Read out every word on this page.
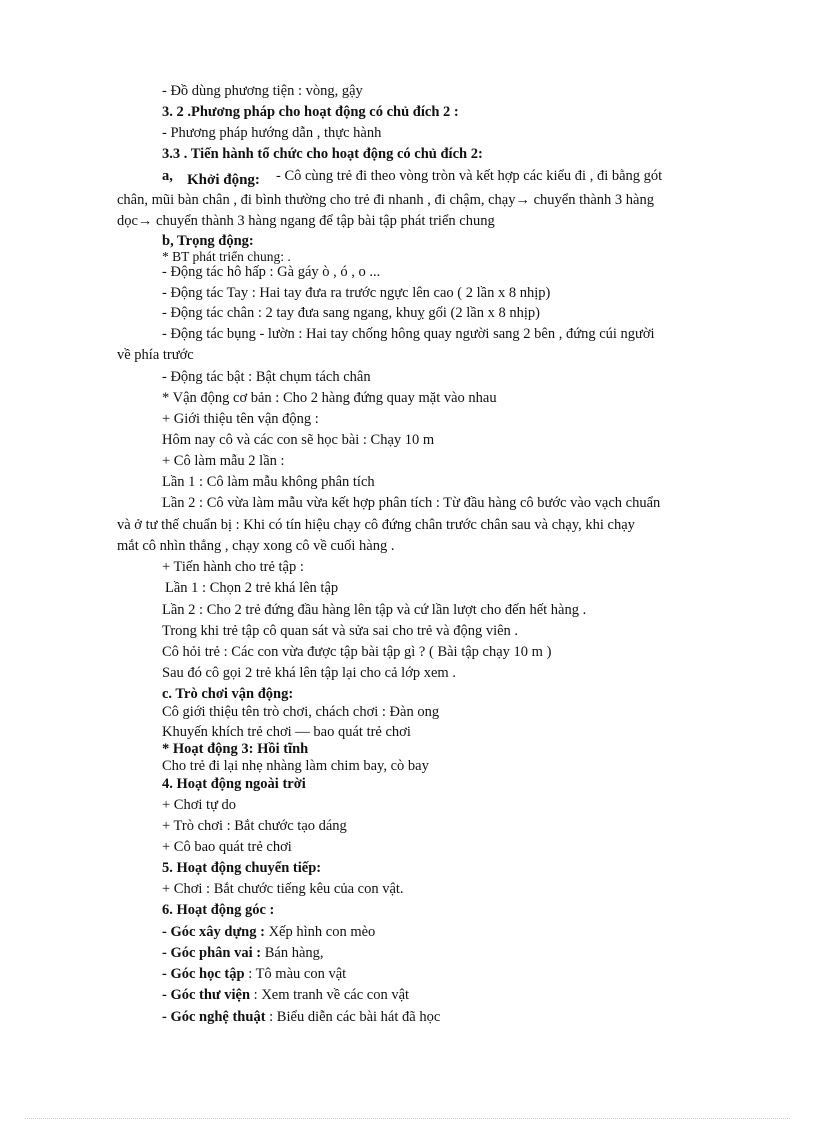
- Đồ dùng phương tiện : vòng, gậy
3. 2 .Phương pháp cho hoạt động có chủ đích 2 :
- Phương pháp hướng dẫn , thực hành
3.3 . Tiến hành tổ chức cho hoạt động có chủ đích 2:
a, Khởi động: - Cô cùng trẻ đi theo vòng tròn và kết hợp các kiểu đi , đi bằng gót
chân, mũi bàn chân , đi bình thường cho trẻ đi nhanh , đi chậm, chạy→ chuyển thành 3 hàng
dọc→ chuyển thành 3 hàng ngang để tập bài tập phát triển chung
b, Trọng động:
* BT phát triển chung: .
- Động tác hô hấp : Gà gáy ò , ó , o ...
- Động tác Tay : Hai tay đưa ra trước ngực lên cao ( 2 lần x 8 nhịp)
- Động tác chân : 2 tay đưa sang ngang, khuỵ gối (2 lần x 8 nhịp)
- Động tác bụng - lườn : Hai tay chống hông quay người sang 2 bên , đứng cúi người
về phía trước
- Động tác bật : Bật chụm tách chân
* Vận động cơ bản : Cho 2 hàng đứng quay mặt vào nhau
+ Giới thiệu tên vận động :
Hôm nay cô và các con sẽ học bài : Chạy 10 m
+ Cô làm mẫu 2 lần :
Lần 1 : Cô làm mẫu không phân tích
Lần 2 : Cô vừa làm mẫu vừa kết hợp phân tích : Từ đầu hàng cô bước vào vạch chuẩn
và ở tư thế chuẩn bị : Khi có tín hiệu chạy cô đứng chân trước chân sau và chạy, khi chạy
mắt cô nhìn thẳng , chạy xong cô về cuối hàng .
+ Tiến hành cho trẻ tập :
Lần 1 : Chọn 2 trẻ khá lên tập
Lần 2 : Cho 2 trẻ đứng đầu hàng lên tập và cứ lần lượt cho đến hết hàng .
Trong khi trẻ tập cô quan sát và sửa sai cho trẻ và động viên .
Cô hỏi trẻ : Các con vừa được tập bài tập gì ? ( Bài tập chạy 10 m )
Sau đó cô gọi 2 trẻ khá lên tập lại cho cả lớp xem .
c. Trò chơi vận động:
Cô giới thiệu tên trò chơi, chách chơi : Đàn ong
Khuyến khích trẻ chơi — bao quát trẻ chơi
* Hoạt động 3: Hồi tĩnh
Cho trẻ đi lại nhẹ nhàng làm chim bay, cò bay
4. Hoạt động ngoài trời
+ Chơi tự do
+ Trò chơi : Bắt chước tạo dáng
+ Cô bao quát trẻ chơi
5. Hoạt động chuyển tiếp:
+ Chơi : Bắt chước tiếng kêu của con vật.
6. Hoạt động góc :
- Góc xây dựng : Xếp hình con mèo
- Góc phân vai : Bán hàng,
- Góc học tập : Tô màu con vật
- Góc thư viện : Xem tranh về các con vật
- Góc nghệ thuật : Biểu diễn các bài hát đã học
